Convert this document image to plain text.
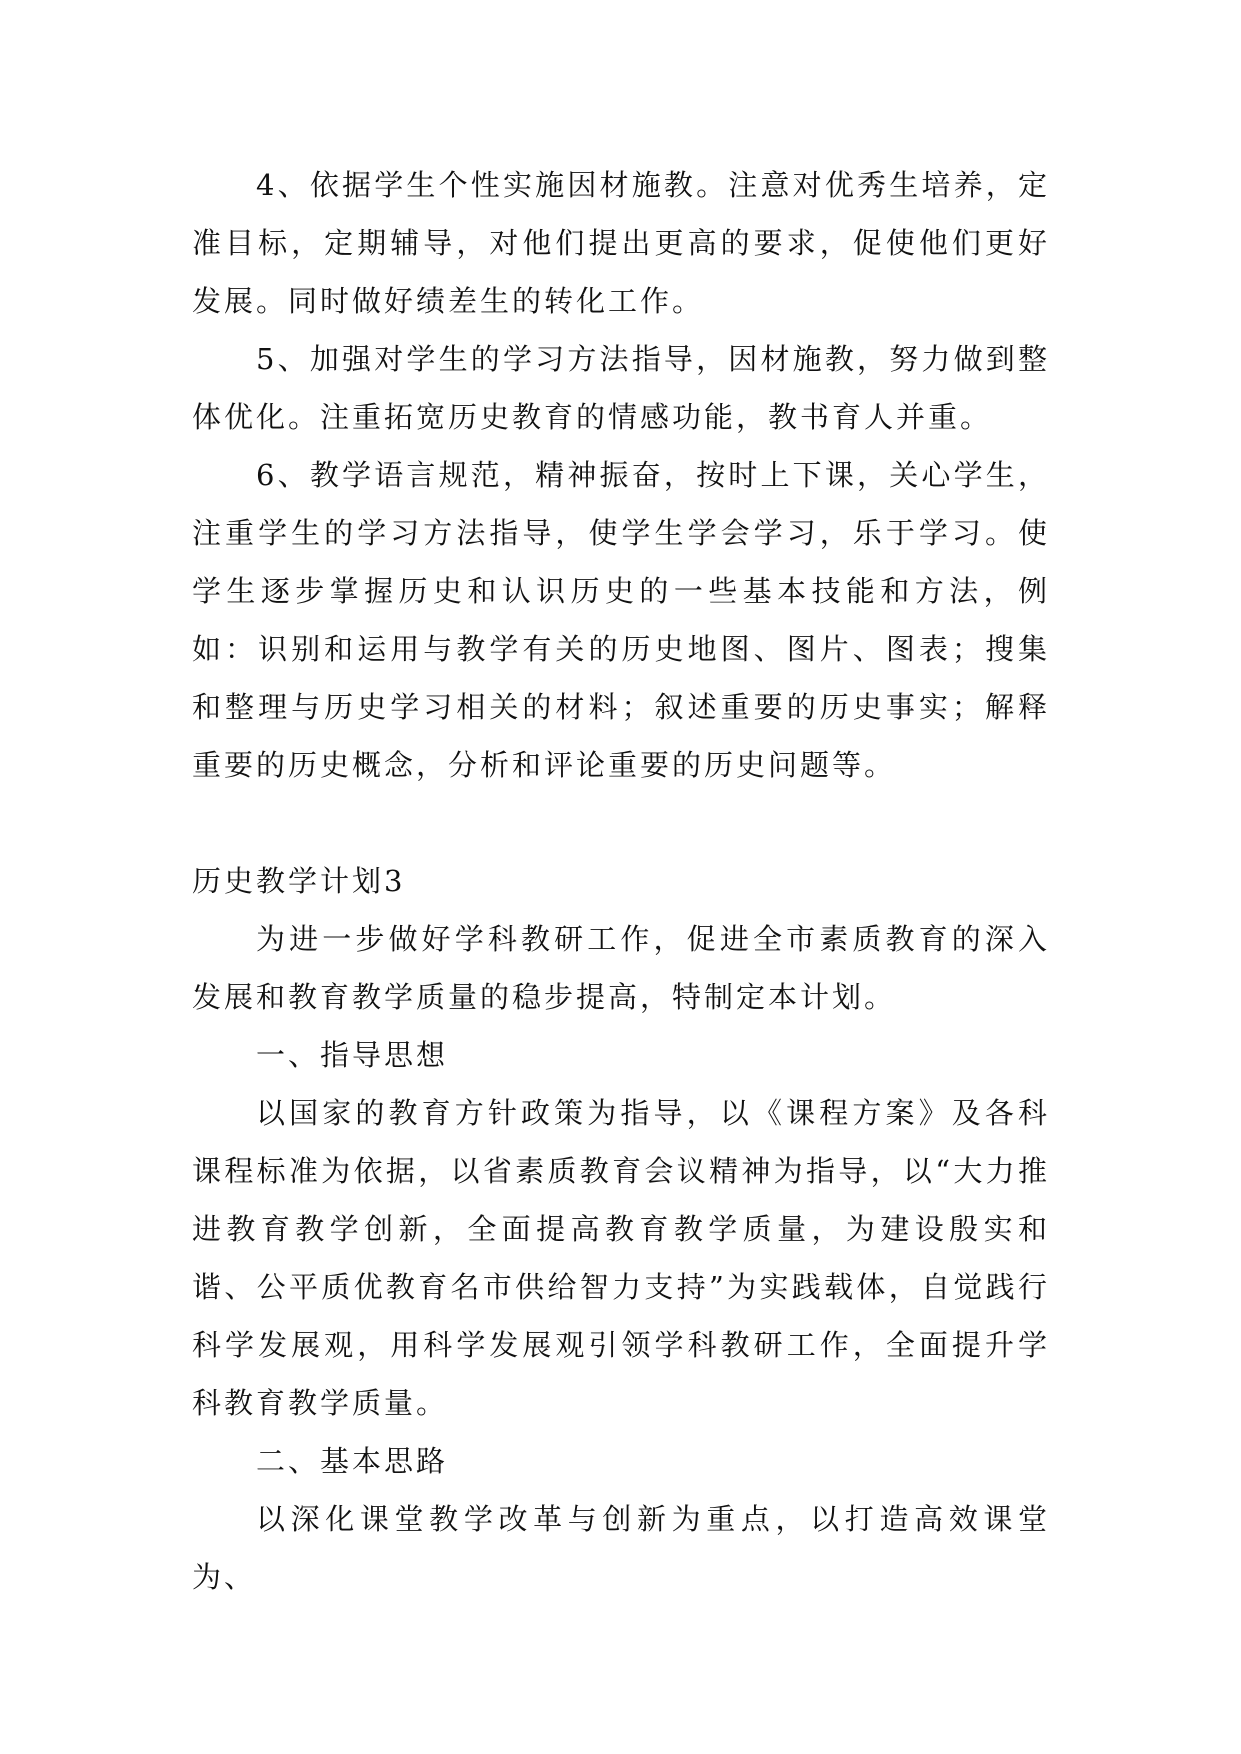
4、依据学生个性实施因材施教。注意对优秀生培养，定准目标，定期辅导，对他们提出更高的要求，促使他们更好发展。同时做好绩差生的转化工作。

5、加强对学生的学习方法指导，因材施教，努力做到整体优化。注重拓宽历史教育的情感功能，教书育人并重。

6、教学语言规范，精神振奋，按时上下课，关心学生，注重学生的学习方法指导，使学生学会学习，乐于学习。使学生逐步掌握历史和认识历史的一些基本技能和方法，例如：识别和运用与教学有关的历史地图、图片、图表；搜集和整理与历史学习相关的材料；叙述重要的历史事实；解释重要的历史概念，分析和评论重要的历史问题等。

历史教学计划3

为进一步做好学科教研工作，促进全市素质教育的深入发展和教育教学质量的稳步提高，特制定本计划。

一、指导思想

以国家的教育方针政策为指导，以《课程方案》及各科课程标准为依据，以省素质教育会议精神为指导，以“大力推进教育教学创新，全面提高教育教学质量，为建设殷实和谐、公平质优教育名市供给智力支持”为实践载体，自觉践行科学发展观，用科学发展观引领学科教研工作，全面提升学科教育教学质量。

二、基本思路

以深化课堂教学改革与创新为重点，以打造高效课堂为、
